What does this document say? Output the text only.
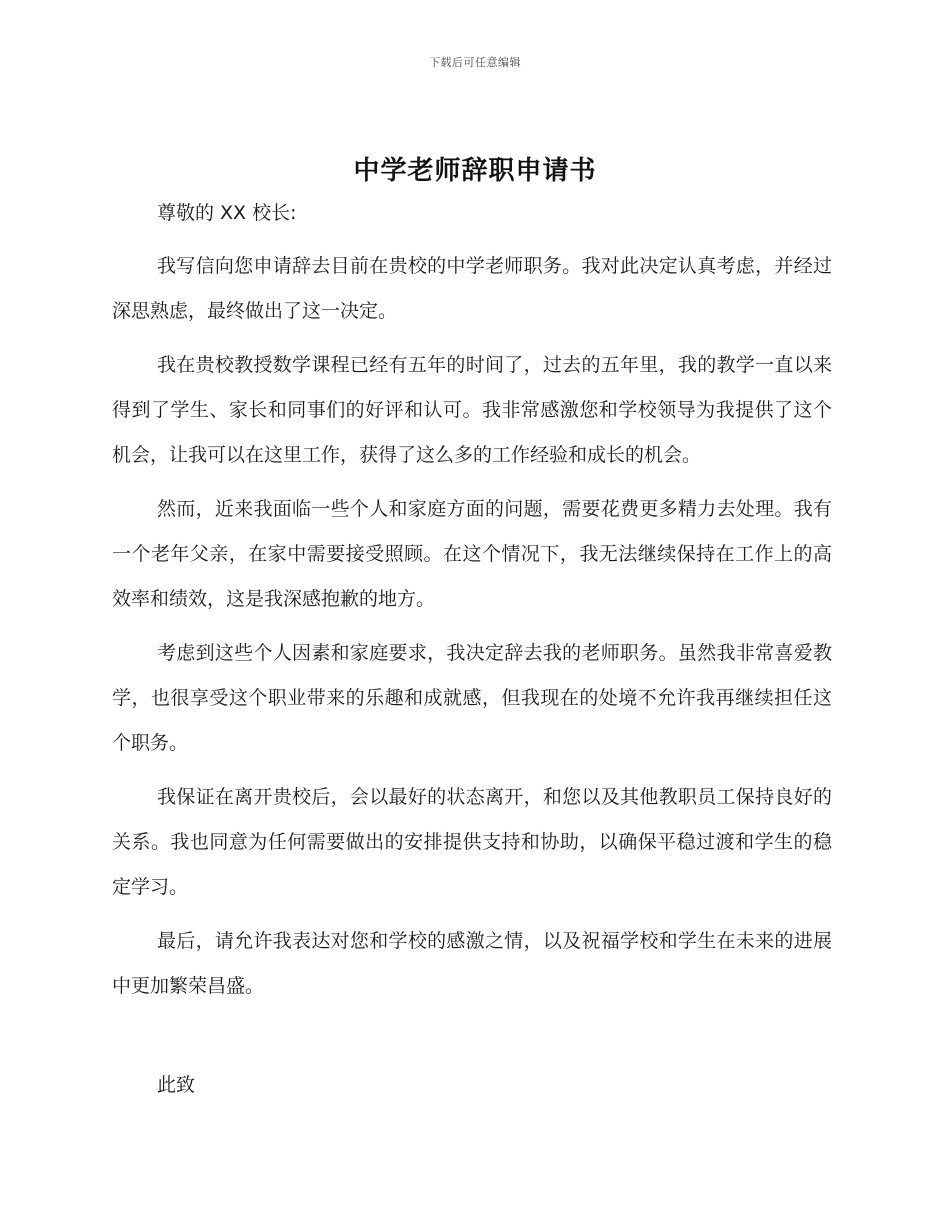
下载后可任意编辑
中学老师辞职申请书
尊敬的 XX 校长:

我写信向您申请辞去目前在贵校的中学老师职务。我对此决定认真考虑，并经过深思熟虑，最终做出了这一决定。

我在贵校教授数学课程已经有五年的时间了，过去的五年里，我的教学一直以来得到了学生、家长和同事们的好评和认可。我非常感激您和学校领导为我提供了这个机会，让我可以在这里工作，获得了这么多的工作经验和成长的机会。

然而，近来我面临一些个人和家庭方面的问题，需要花费更多精力去处理。我有一个老年父亲，在家中需要接受照顾。在这个情况下，我无法继续保持在工作上的高效率和绩效，这是我深感抱歉的地方。

考虑到这些个人因素和家庭要求，我决定辞去我的老师职务。虽然我非常喜爱教学，也很享受这个职业带来的乐趣和成就感，但我现在的处境不允许我再继续担任这个职务。

我保证在离开贵校后，会以最好的状态离开，和您以及其他教职员工保持良好的关系。我也同意为任何需要做出的安排提供支持和协助，以确保平稳过渡和学生的稳定学习。

最后，请允许我表达对您和学校的感激之情，以及祝福学校和学生在未来的进展中更加繁荣昌盛。

此致
